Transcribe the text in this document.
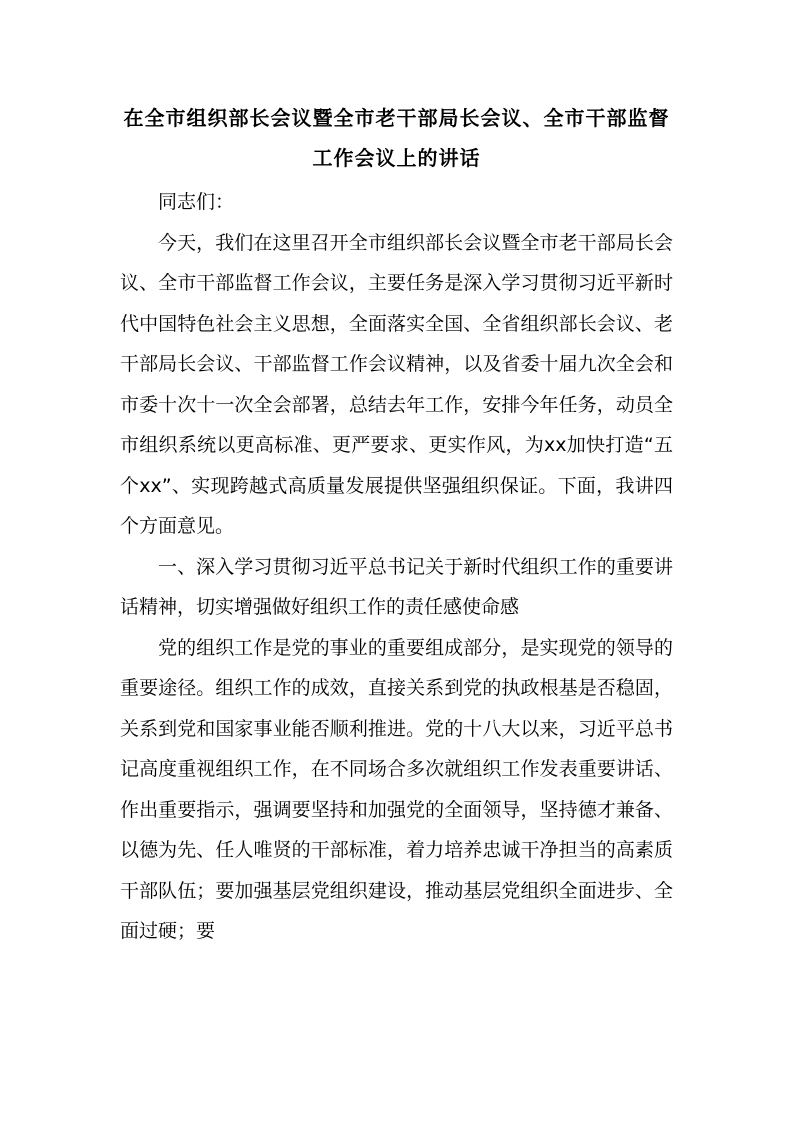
在全市组织部长会议暨全市老干部局长会议、全市干部监督
工作会议上的讲话

同志们：

今天，我们在这里召开全市组织部长会议暨全市老干部局长会议、全市干部监督工作会议，主要任务是深入学习贯彻习近平新时代中国特色社会主义思想，全面落实全国、全省组织部长会议、老干部局长会议、干部监督工作会议精神，以及省委十届九次全会和市委十次十一次全会部署，总结去年工作，安排今年任务，动员全市组织系统以更高标准、更严要求、更实作风，为xx加快打造“五个xx”、实现跨越式高质量发展提供坚强组织保证。下面，我讲四个方面意见。

一、深入学习贯彻习近平总书记关于新时代组织工作的重要讲话精神，切实增强做好组织工作的责任感使命感

党的组织工作是党的事业的重要组成部分，是实现党的领导的重要途径。组织工作的成效，直接关系到党的执政根基是否稳固，关系到党和国家事业能否顺利推进。党的十八大以来，习近平总书记高度重视组织工作，在不同场合多次就组织工作发表重要讲话、作出重要指示，强调要坚持和加强党的全面领导，坚持德才兼备、以德为先、任人唯贤的干部标准，着力培养忠诚干净担当的高素质干部队伍；要加强基层党组织建设，推动基层党组织全面进步、全面过硬；要
